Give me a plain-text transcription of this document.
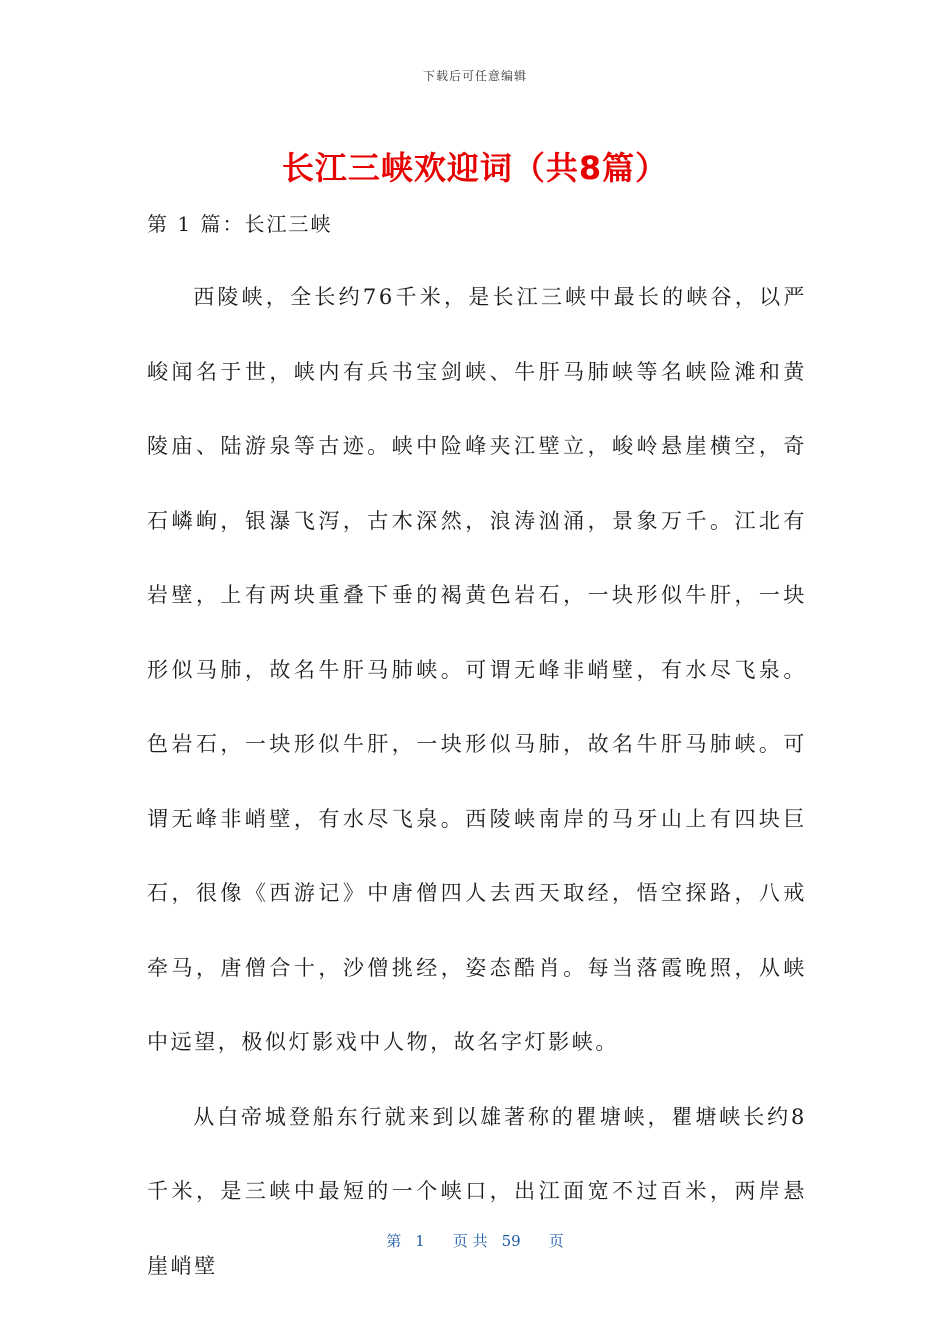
下载后可任意编辑
长江三峡欢迎词（共8篇）
第 1 篇：长江三峡

西陵峡，全长约76千米，是长江三峡中最长的峡谷，以严峻闻名于世，峡内有兵书宝剑峡、牛肝马肺峡等名峡险滩和黄陵庙、陆游泉等古迹。峡中险峰夹江壁立，峻岭悬崖横空，奇石嶙峋，银瀑飞泻，古木深然，浪涛汹涌，景象万千。江北有岩壁，上有两块重叠下垂的褐黄色岩石，一块形似牛肝，一块形似马肺，故名牛肝马肺峡。可谓无峰非峭壁，有水尽飞泉。色岩石，一块形似牛肝，一块形似马肺，故名牛肝马肺峡。可谓无峰非峭壁，有水尽飞泉。西陵峡南岸的马牙山上有四块巨石，很像《西游记》中唐僧四人去西天取经，悟空探路，八戒牵马，唐僧合十，沙僧挑经，姿态酷肖。每当落霞晚照，从峡中远望，极似灯影戏中人物，故名字灯影峡。

从白帝城登船东行就来到以雄著称的瞿塘峡，瞿塘峡长约8千米，是三峡中最短的一个峡口，出江面宽不过百米，两岸悬崖峭壁

第 1 页 共 59 页
